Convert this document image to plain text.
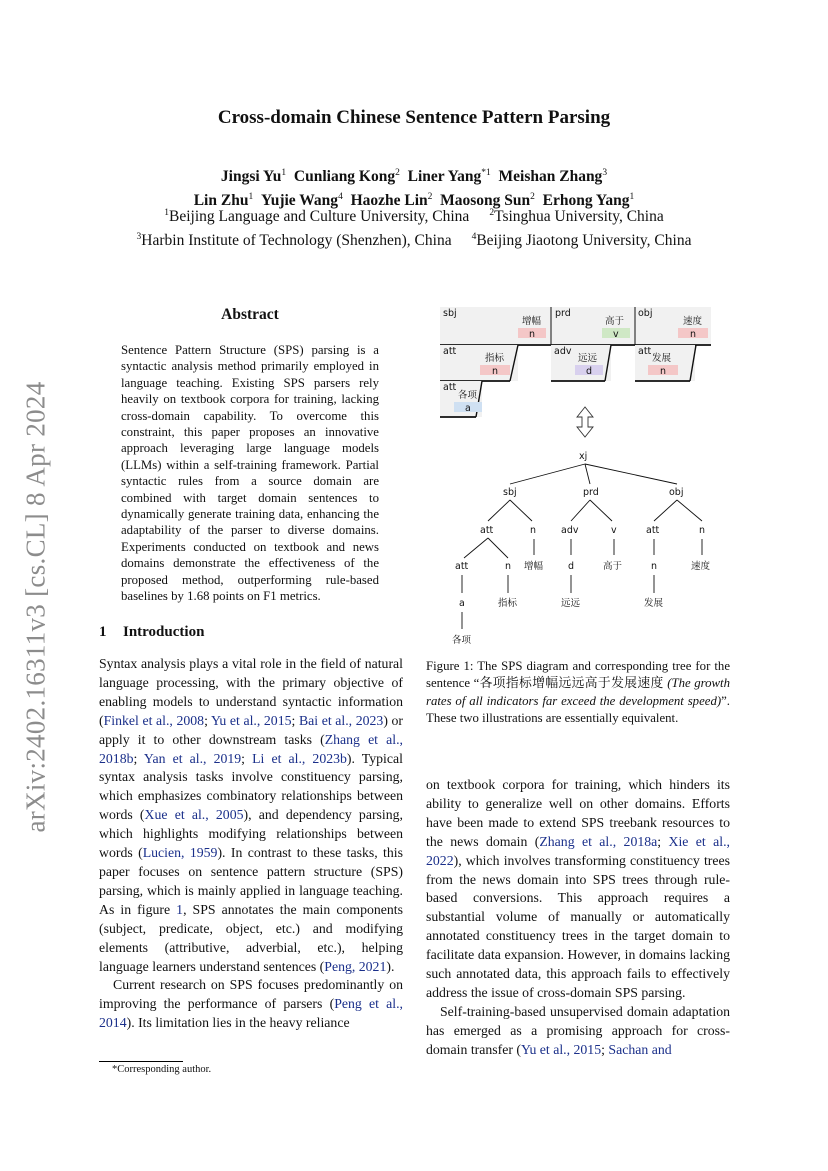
arXiv:2402.16311v3 [cs.CL] 8 Apr 2024
Cross-domain Chinese Sentence Pattern Parsing
Jingsi Yu$^1$  Cunliang Kong$^2$  Liner Yang$^{*1}$  Meishan Zhang$^3$
Lin Zhu$^1$  Yujie Wang$^4$  Haozhe Lin$^2$  Maosong Sun$^2$  Erhong Yang$^1$
$^1$Beijing Language and Culture University, China $^2$Tsinghua University, China
$^3$Harbin Institute of Technology (Shenzhen), China $^4$Beijing Jiaotong University, China
Abstract
Sentence Pattern Structure (SPS) parsing is a syntactic analysis method primarily employed in language teaching. Existing SPS parsers rely heavily on textbook corpora for training, lacking cross-domain capability. To overcome this constraint, this paper proposes an innovative approach leveraging large language models (LLMs) within a self-training framework. Partial syntactic rules from a source domain are combined with target domain sentences to dynamically generate training data, enhancing the adaptability of the parser to diverse domains. Experiments conducted on textbook and news domains demonstrate the effectiveness of the proposed method, outperforming rule-based baselines by 1.68 points on F1 metrics.
1 Introduction

Syntax analysis plays a vital role in the field of natural language processing, with the primary objective of enabling models to understand syntactic information (Finkel et al., 2008; Yu et al., 2015; Bai et al., 2023) or apply it to other downstream tasks (Zhang et al., 2018b; Yan et al., 2019; Li et al., 2023b). Typical syntax analysis tasks involve constituency parsing, which emphasizes combinatory relationships between words (Xue et al., 2005), and dependency parsing, which highlights modifying relationships between words (Lucien, 1959). In contrast to these tasks, this paper focuses on sentence pattern structure (SPS) parsing, which is mainly applied in language teaching. As in figure 1, SPS annotates the main components (subject, predicate, object, etc.) and modifying elements (attributive, adverbial, etc.), helping language learners understand sentences (Peng, 2021).

Current research on SPS focuses predominantly on improving the performance of parsers (Peng et al., 2014). Its limitation lies in the heavy reliance

*Corresponding author.
sbj	prd	obj
增幅
n
高于
v
速度
n
att
指标
n
adv
远远
d
att
发展
n
att
各项
a
xj
sbj	prd	obj
att	n	adv	v	att	n
增幅	高于	速度
att	n	d	n
指标	远远	发展
a
各项
Figure 1: The SPS diagram and corresponding tree for the sentence “各项指标增幅远远高于发展速度 (The growth rates of all indicators far exceed the development speed)”. These two illustrations are essentially equivalent.

on textbook corpora for training, which hinders its ability to generalize well on other domains. Efforts have been made to extend SPS treebank resources to the news domain (Zhang et al., 2018a; Xie et al., 2022), which involves transforming constituency trees from the news domain into SPS trees through rule-based conversions. This approach requires a substantial volume of manually or automatically annotated constituency trees in the target domain to facilitate data expansion. However, in domains lacking such annotated data, this approach fails to effectively address the issue of cross-domain SPS parsing.

Self-training-based unsupervised domain adaptation has emerged as a promising approach for cross-domain transfer (Yu et al., 2015; Sachan and
